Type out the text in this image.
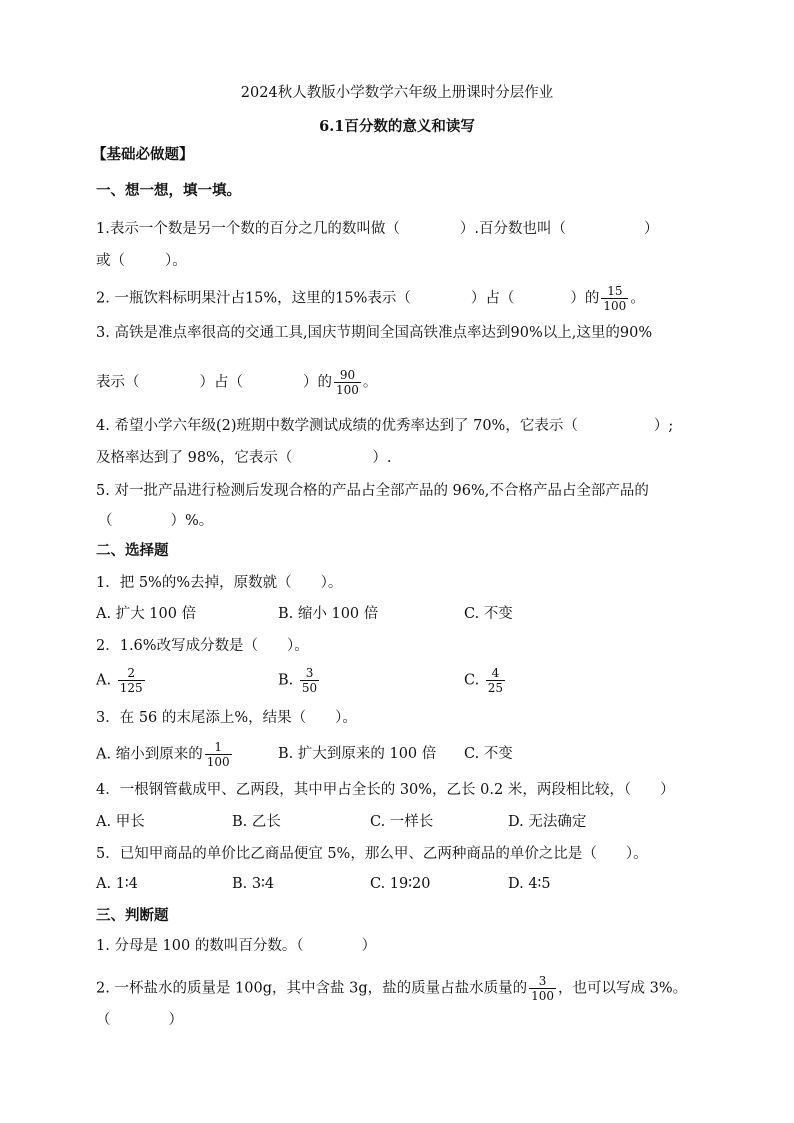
2024秋人教版小学数学六年级上册课时分层作业
6.1百分数的意义和读写
【基础必做题】
一、想一想，填一填。
1.表示一个数是另一个数的百分之几的数叫做（	）.百分数也叫（	）
或（	）。
2. 一瓶饮料标明果汁占15%，这里的15%表示（	）占（	）的 $\frac{15}{100}$ 。
3. 高铁是准点率很高的交通工具,国庆节期间全国高铁准点率达到90%以上,这里的90%
表示（	）占（	）的 $\frac{90}{100}$ 。
4. 希望小学六年级(2)班期中数学测试成绩的优秀率达到了 70%，它表示（	）;
及格率达到了 98%，它表示（	）.
5. 对一批产品进行检测后发现合格的产品占全部产品的 96%,不合格产品占全部产品的
（	）%。
二、选择题
1．把 5%的%去掉，原数就（　　）。
A. 扩大 100 倍	B. 缩小 100 倍	C. 不变
2．1.6%改写成分数是（　　）。
A. $\frac{2}{125}$	B. $\frac{3}{50}$	C. $\frac{4}{25}$
3．在 56 的末尾添上%，结果（　　）。
A. 缩小到原来的 $\frac{1}{100}$	B. 扩大到原来的 100 倍 C. 不变
4．一根钢管截成甲、乙两段，其中甲占全长的 30%，乙长 0.2 米，两段相比较，（　　）
A. 甲长	B. 乙长	C. 一样长	D. 无法确定
5．已知甲商品的单价比乙商品便宜 5%，那么甲、乙两种商品的单价之比是（　　）。
A. 1∶4	B. 3∶4	C. 19∶20	D. 4∶5
三、判断题
1. 分母是 100 的数叫百分数。（　　　　）
2. 一杯盐水的质量是 100g，其中含盐 3g，盐的质量占盐水质量的 $\frac{3}{100}$ ，也可以写成 3%。
（　　　　）
